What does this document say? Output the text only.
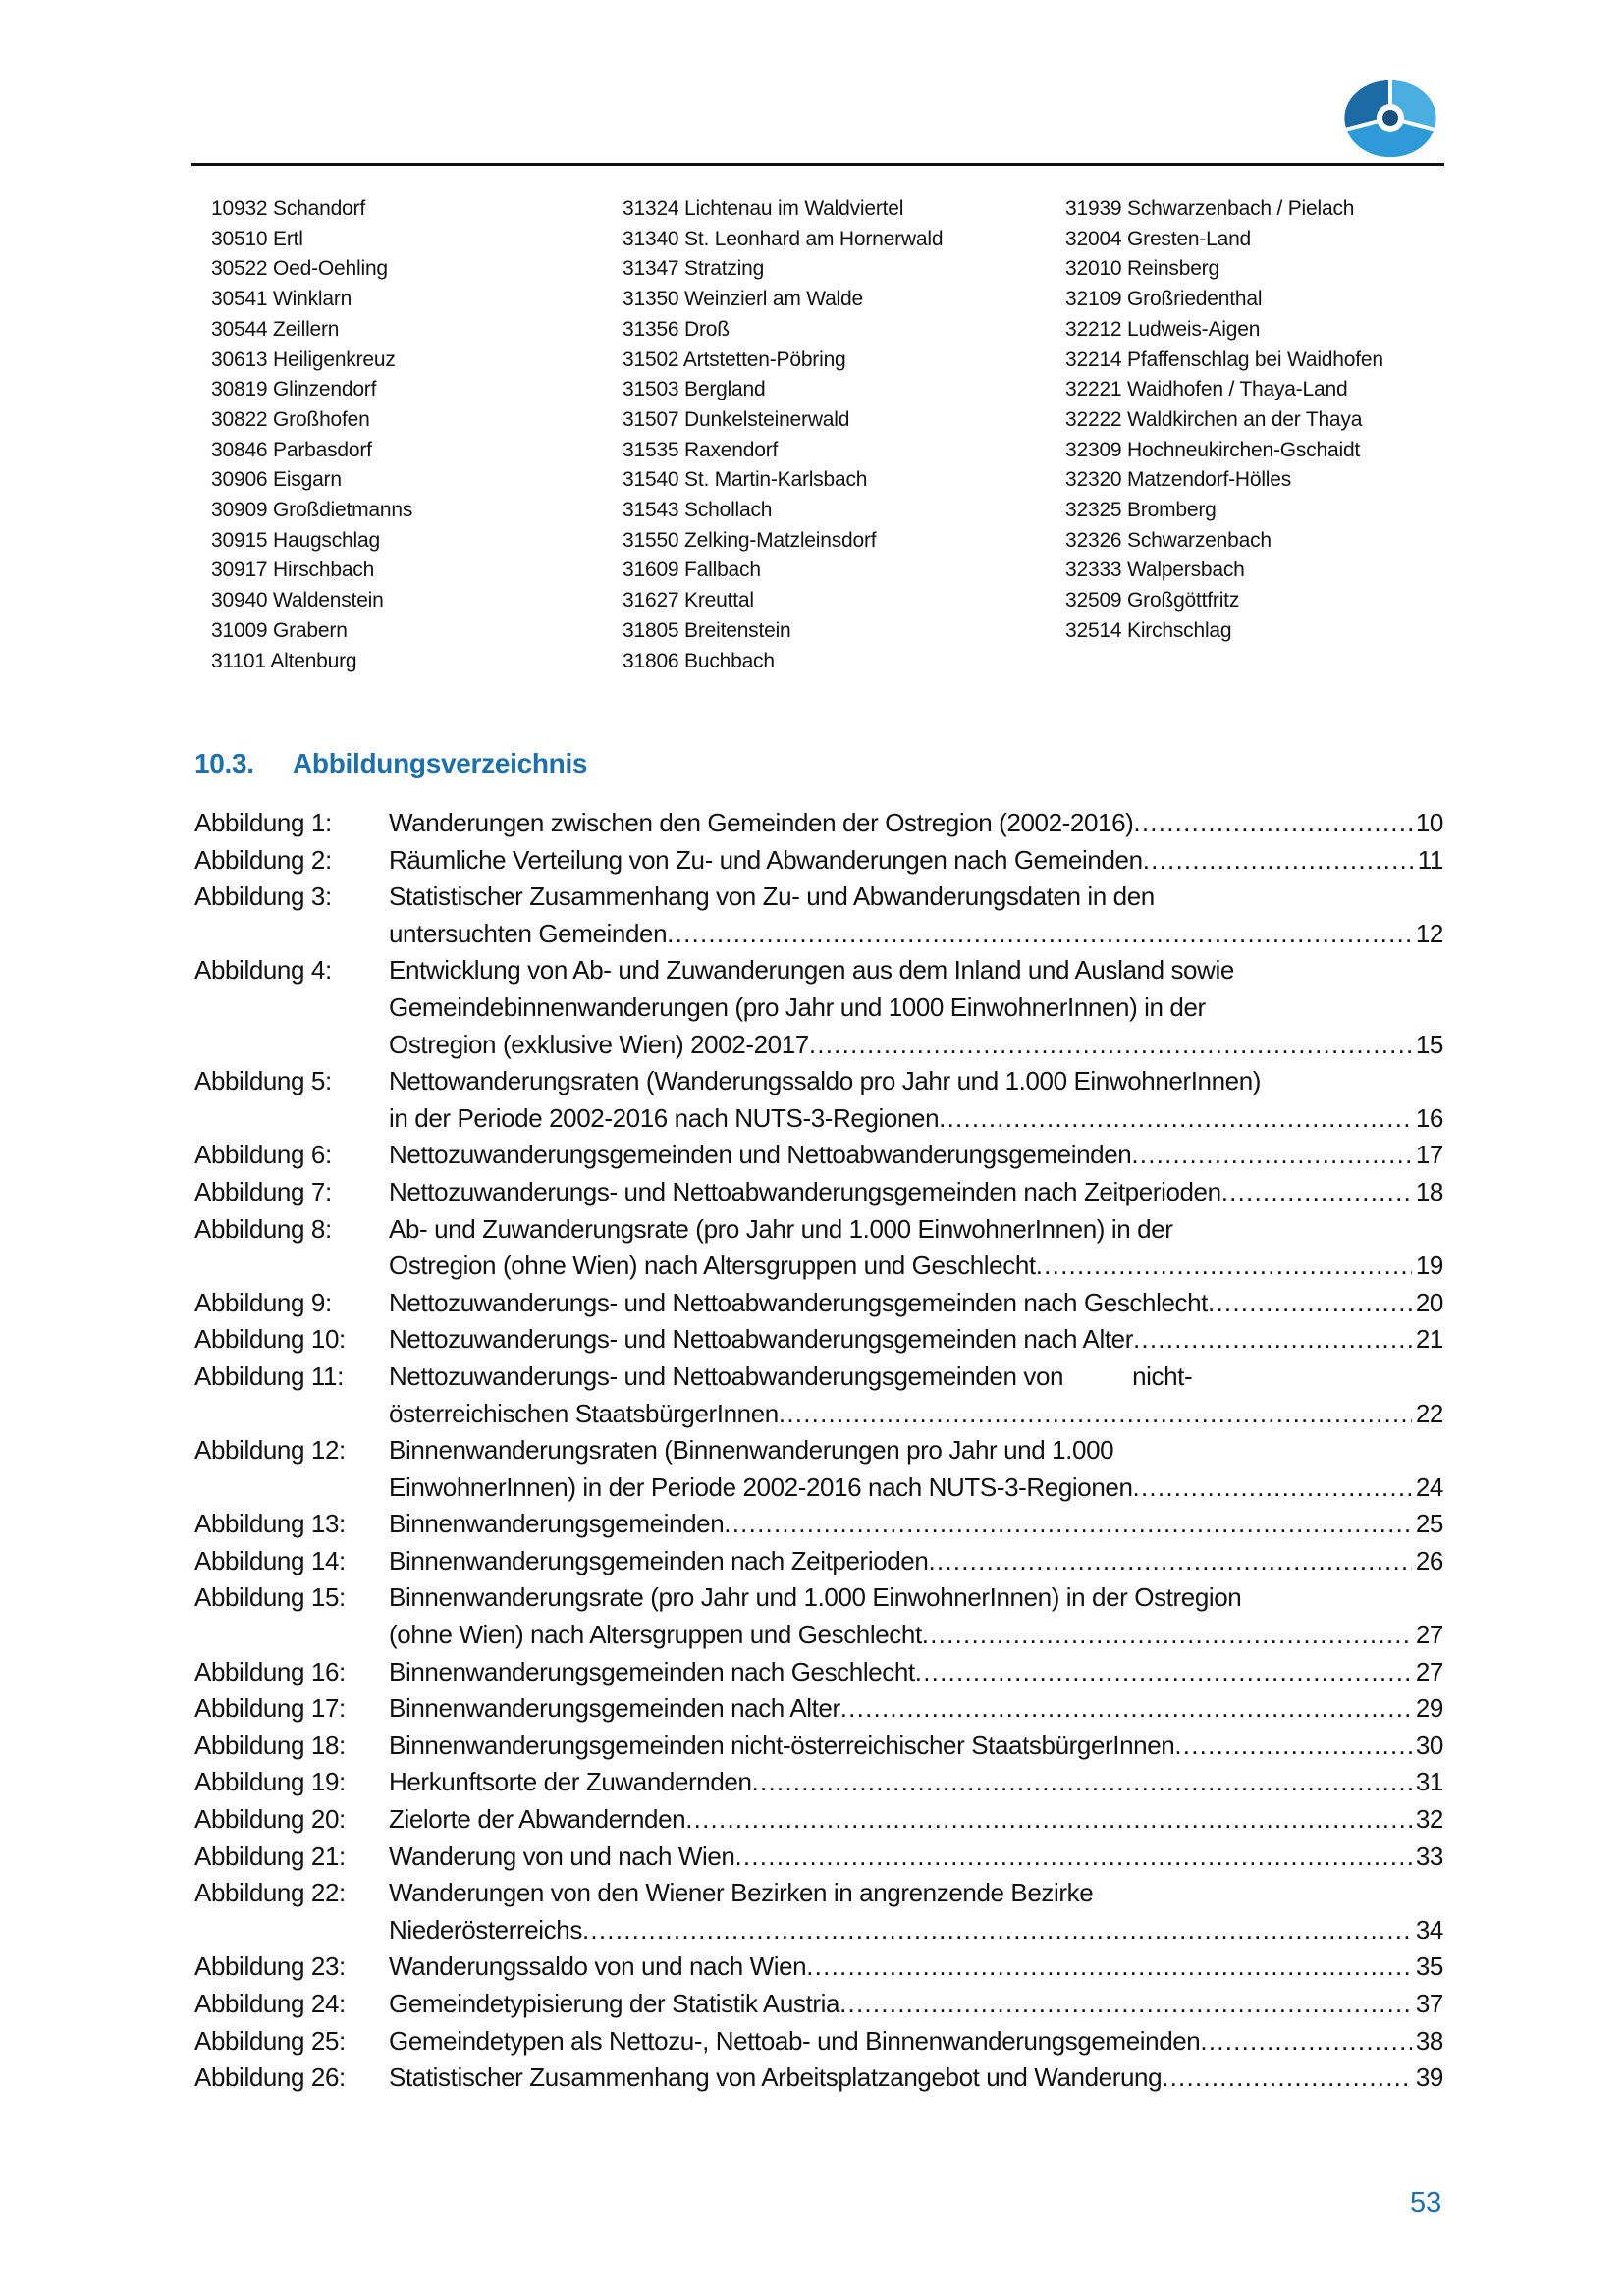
10932 Schandorf
30510 Ertl
30522 Oed-Oehling
30541 Winklarn
30544 Zeillern
30613 Heiligenkreuz
30819 Glinzendorf
30822 Großhofen
30846 Parbasdorf
30906 Eisgarn
30909 Großdietmanns
30915 Haugschlag
30917 Hirschbach
30940 Waldenstein
31009 Grabern
31101 Altenburg
31324 Lichtenau im Waldviertel
31340 St. Leonhard am Hornerwald
31347 Stratzing
31350 Weinzierl am Walde
31356 Droß
31502 Artstetten-Pöbring
31503 Bergland
31507 Dunkelsteinerwald
31535 Raxendorf
31540 St. Martin-Karlsbach
31543 Schollach
31550 Zelking-Matzleinsdorf
31609 Fallbach
31627 Kreuttal
31805 Breitenstein
31806 Buchbach
31939 Schwarzenbach / Pielach
32004 Gresten-Land
32010 Reinsberg
32109 Großriedenthal
32212 Ludweis-Aigen
32214 Pfaffenschlag bei Waidhofen
32221 Waidhofen / Thaya-Land
32222 Waldkirchen an der Thaya
32309 Hochneukirchen-Gschaidt
32320 Matzendorf-Hölles
32325 Bromberg
32326 Schwarzenbach
32333 Walpersbach
32509 Großgöttfritz
32514 Kirchschlag
10.3. Abbildungsverzeichnis
Abbildung 1:	Wanderungen zwischen den Gemeinden der Ostregion (2002-2016) . . .	10
Abbildung 2:	Räumliche Verteilung von Zu- und Abwanderungen nach Gemeinden . . .	11
Abbildung 3:	Statistischer Zusammenhang von Zu- und Abwanderungsdaten in den
untersuchten Gemeinden . . .	12
Abbildung 4:	Entwicklung von Ab- und Zuwanderungen aus dem Inland und Ausland sowie
Gemeindebinnenwanderungen (pro Jahr und 1000 EinwohnerInnen) in der
Ostregion (exklusive Wien) 2002-2017 . . .	15
Abbildung 5:	Nettowanderungsraten (Wanderungssaldo pro Jahr und 1.000 EinwohnerInnen)
in der Periode 2002-2016 nach NUTS-3-Regionen . . .	16
Abbildung 6:	Nettozuwanderungsgemeinden und Nettoabwanderungsgemeinden . . .	17
Abbildung 7:	Nettozuwanderungs- und Nettoabwanderungsgemeinden nach Zeitperioden . . .	18
Abbildung 8:	Ab- und Zuwanderungsrate (pro Jahr und 1.000 EinwohnerInnen) in der
Ostregion (ohne Wien) nach Altersgruppen und Geschlecht . . .	19
Abbildung 9:	Nettozuwanderungs- und Nettoabwanderungsgemeinden nach Geschlecht . . .	20
Abbildung 10:	Nettozuwanderungs- und Nettoabwanderungsgemeinden nach Alter . . .	21
Abbildung 11:	Nettozuwanderungs- und Nettoabwanderungsgemeinden von	nicht-
österreichischen StaatsbürgerInnen . . .	22
Abbildung 12:	Binnenwanderungsraten (Binnenwanderungen pro Jahr und 1.000
EinwohnerInnen) in der Periode 2002-2016 nach NUTS-3-Regionen . . .	24
Abbildung 13:	Binnenwanderungsgemeinden . . .	25
Abbildung 14:	Binnenwanderungsgemeinden nach Zeitperioden . . .	26
Abbildung 15:	Binnenwanderungsrate (pro Jahr und 1.000 EinwohnerInnen) in der Ostregion
(ohne Wien) nach Altersgruppen und Geschlecht . . .	27
Abbildung 16:	Binnenwanderungsgemeinden nach Geschlecht . . .	27
Abbildung 17:	Binnenwanderungsgemeinden nach Alter . . .	29
Abbildung 18:	Binnenwanderungsgemeinden nicht-österreichischer StaatsbürgerInnen . . .	30
Abbildung 19:	Herkunftsorte der Zuwandernden . . .	31
Abbildung 20:	Zielorte der Abwandernden . . .	32
Abbildung 21:	Wanderung von und nach Wien . . .	33
Abbildung 22:	Wanderungen von den Wiener Bezirken in angrenzende Bezirke
Niederösterreichs . . .	34
Abbildung 23:	Wanderungssaldo von und nach Wien . . .	35
Abbildung 24:	Gemeindetypisierung der Statistik Austria . . .	37
Abbildung 25:	Gemeindetypen als Nettozu-, Nettoab- und Binnenwanderungsgemeinden . . .	38
Abbildung 26:	Statistischer Zusammenhang von Arbeitsplatzangebot und Wanderung . . .	39
53
